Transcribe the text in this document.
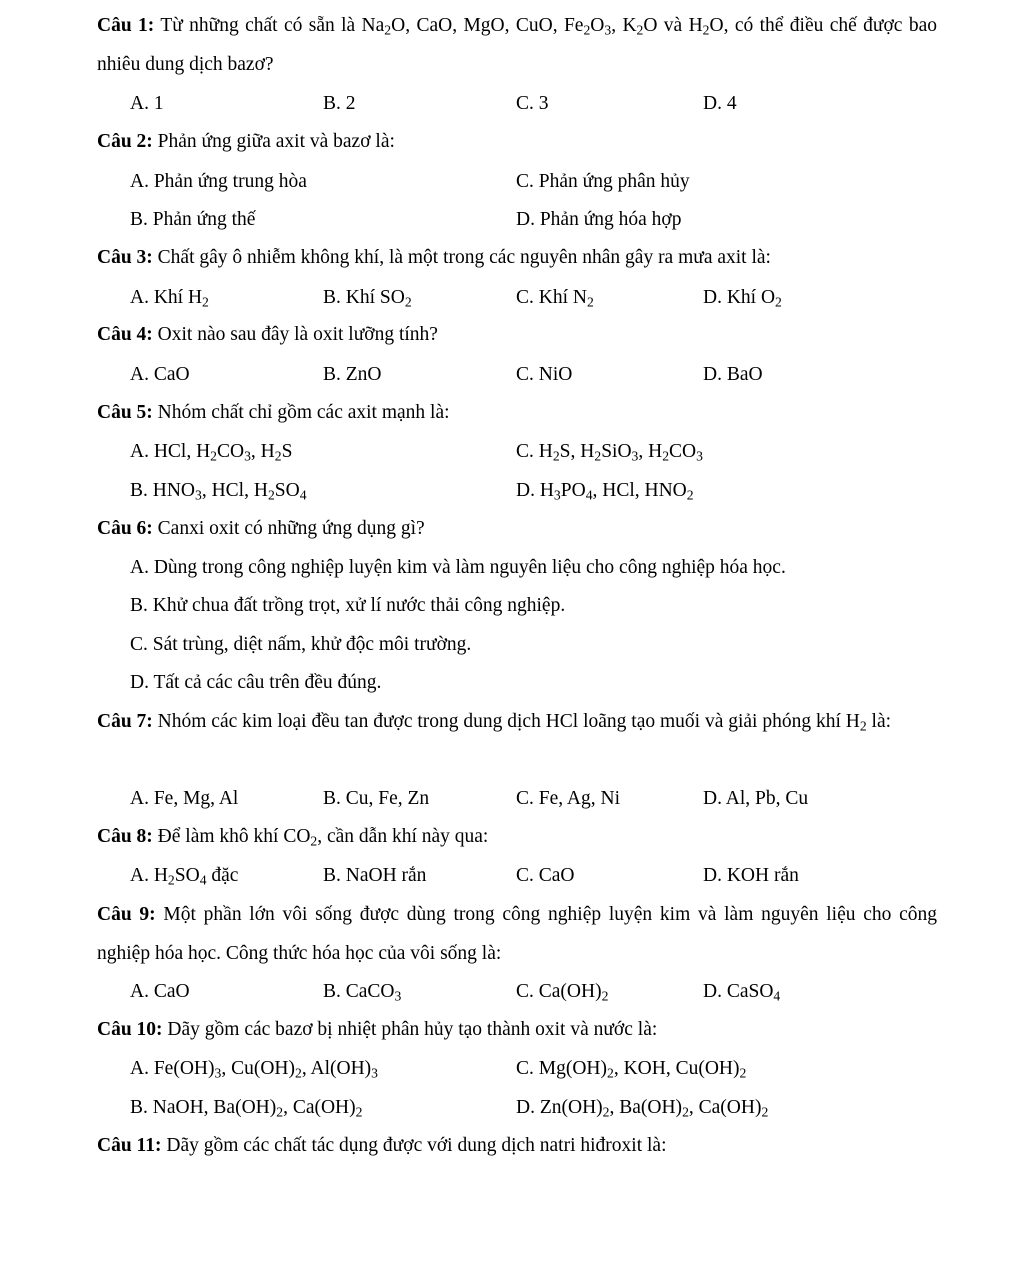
Câu 1: Từ những chất có sẵn là $Na_2O$, CaO, MgO, CuO, $Fe_2O_3$, $K_2O$ và $H_2O$, có thể điều chế được bao nhiêu dung dịch bazơ?
A. 1	B. 2	C. 3	D. 4
Câu 2: Phản ứng giữa axit và bazơ là:
A. Phản ứng trung hòa	C. Phản ứng phân hủy
B. Phản ứng thế	D. Phản ứng hóa hợp
Câu 3: Chất gây ô nhiễm không khí, là một trong các nguyên nhân gây ra mưa axit là:
A. Khí $H_2$	B. Khí $SO_2$	C. Khí $N_2$	D. Khí $O_2$
Câu 4: Oxit nào sau đây là oxit lưỡng tính?
A. CaO	B. ZnO	C. NiO	D. BaO
Câu 5: Nhóm chất chỉ gồm các axit mạnh là:
A. HCl, $H_2CO_3$, $H_2S$	C. $H_2S$, $H_2SiO_3$, $H_2CO_3$
B. $HNO_3$, HCl, $H_2SO_4$	D. $H_3PO_4$, HCl, $HNO_2$
Câu 6: Canxi oxit có những ứng dụng gì?
A. Dùng trong công nghiệp luyện kim và làm nguyên liệu cho công nghiệp hóa học.
B. Khử chua đất trồng trọt, xử lí nước thải công nghiệp.
C. Sát trùng, diệt nấm, khử độc môi trường.
D. Tất cả các câu trên đều đúng.
Câu 7: Nhóm các kim loại đều tan được trong dung dịch HCl loãng tạo muối và giải phóng khí $H_2$ là:
A. Fe, Mg, Al	B. Cu, Fe, Zn	C. Fe, Ag, Ni	D. Al, Pb, Cu
Câu 8: Để làm khô khí $CO_2$, cần dẫn khí này qua:
A. $H_2SO_4$ đặc	B. NaOH rắn	C. CaO	D. KOH rắn
Câu 9: Một phần lớn vôi sống được dùng trong công nghiệp luyện kim và làm nguyên liệu cho công nghiệp hóa học. Công thức hóa học của vôi sống là:
A. CaO	B. CaCO$_3$	C. $Ca(OH)_2$	D. CaSO$_4$
Câu 10: Dãy gồm các bazơ bị nhiệt phân hủy tạo thành oxit và nước là:
A. $Fe(OH)_3$, $Cu(OH)_2$, $Al(OH)_3$	C. $Mg(OH)_2$, KOH, $Cu(OH)_2$
B. NaOH, $Ba(OH)_2$, $Ca(OH)_2$	D. $Zn(OH)_2$, $Ba(OH)_2$, $Ca(OH)_2$
Câu 11: Dãy gồm các chất tác dụng được với dung dịch natri hiđroxit là:
